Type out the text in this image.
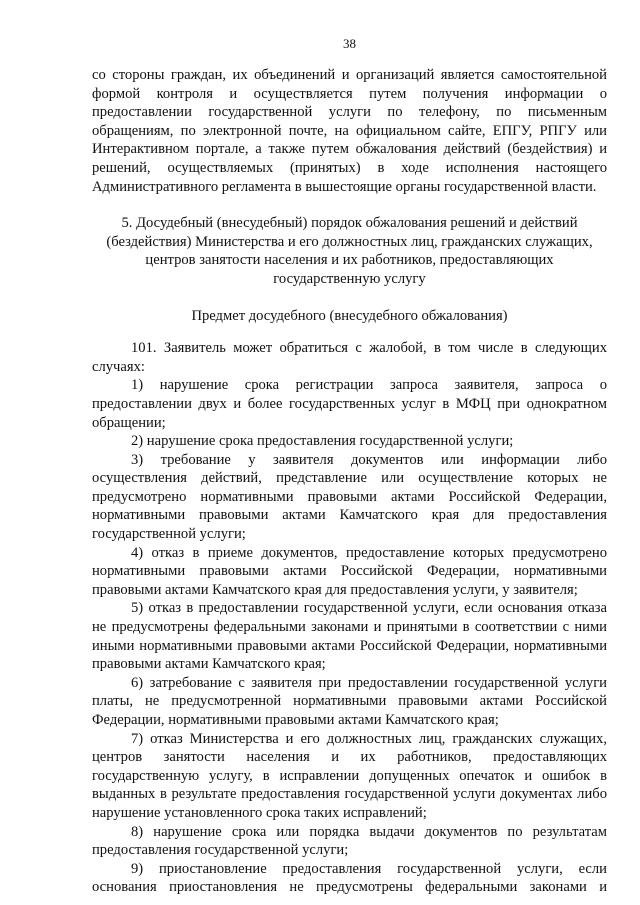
38

со стороны граждан, их объединений и организаций является самостоятельной формой контроля и осуществляется путем получения информации о предоставлении государственной услуги по телефону, по письменным обращениям, по электронной почте, на официальном сайте, ЕПГУ, РПГУ или Интерактивном портале, а также путем обжалования действий (бездействия) и решений, осуществляемых (принятых) в ходе исполнения настоящего Административного регламента в вышестоящие органы государственной власти.

5. Досудебный (внесудебный) порядок обжалования решений и действий
(бездействия) Министерства и его должностных лиц, гражданских служащих,
центров занятости населения и их работников, предоставляющих
государственную услугу
Предмет досудебного (внесудебного обжалования)

101. Заявитель может обратиться с жалобой, в том числе в следующих случаях:

1) нарушение срока регистрации запроса заявителя, запроса о предоставлении двух и более государственных услуг в МФЦ при однократном обращении;

2) нарушение срока предоставления государственной услуги;

3) требование у заявителя документов или информации либо осуществления действий, представление или осуществление которых не предусмотрено нормативными правовыми актами Российской Федерации, нормативными правовыми актами Камчатского края для предоставления государственной услуги;

4) отказ в приеме документов, предоставление которых предусмотрено нормативными правовыми актами Российской Федерации, нормативными правовыми актами Камчатского края для предоставления услуги, у заявителя;

5) отказ в предоставлении государственной услуги, если основания отказа не предусмотрены федеральными законами и принятыми в соответствии с ними иными нормативными правовыми актами Российской Федерации, нормативными правовыми актами Камчатского края;

6) затребование с заявителя при предоставлении государственной услуги платы, не предусмотренной нормативными правовыми актами Российской Федерации, нормативными правовыми актами Камчатского края;

7) отказ Министерства и его должностных лиц, гражданских служащих, центров занятости населения и их работников, предоставляющих государственную услугу, в исправлении допущенных опечаток и ошибок в выданных в результате предоставления государственной услуги документах либо нарушение установленного срока таких исправлений;

8) нарушение срока или порядка выдачи документов по результатам предоставления государственной услуги;

9) приостановление предоставления государственной услуги, если основания приостановления не предусмотрены федеральными законами и
